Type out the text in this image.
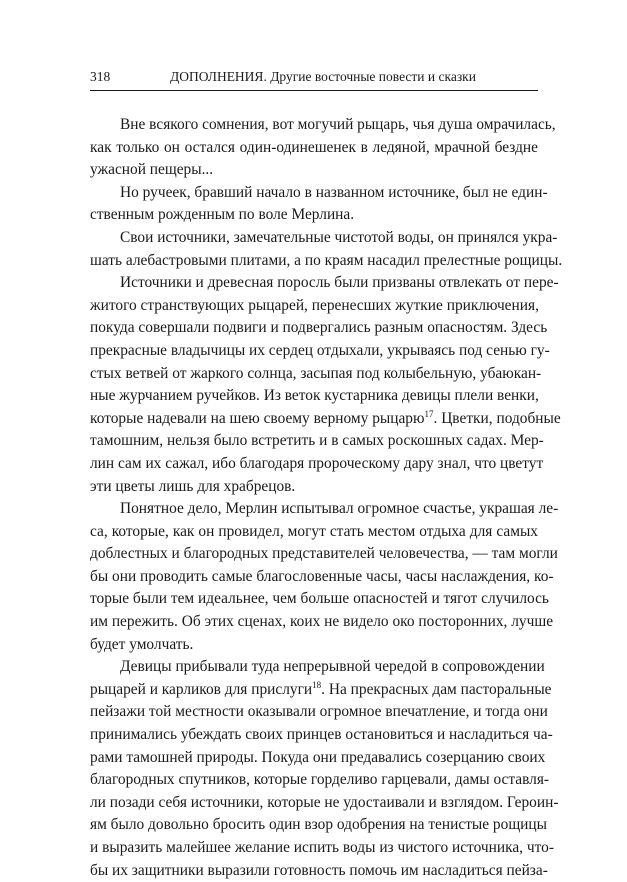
318	ДОПОЛНЕНИЯ. Другие восточные повести и сказки

Вне всякого сомнения, вот могучий рыцарь, чья душа омрачилась,
как только он остался один-одинешенек в ледяной, мрачной бездне
ужасной пещеры...

Но ручеек, бравший начало в названном источнике, был не един-
ственным рожденным по воле Мерлина.

Свои источники, замечательные чистотой воды, он принялся укра-
шать алебастровыми плитами, а по краям насадил прелестные рощицы.

Источники и древесная поросль были призваны отвлекать от пере-
житого странствующих рыцарей, перенесших жуткие приключения,
покуда совершали подвиги и подвергались разным опасностям. Здесь
прекрасные владычицы их сердец отдыхали, укрываясь под сенью гу-
стых ветвей от жаркого солнца, засыпая под колыбельную, убаюкан-
ные журчанием ручейков. Из веток кустарника девицы плели венки,
которые надевали на шею своему верному рыцарю$^{17}$. Цветки, подобные
тамошним, нельзя было встретить и в самых роскошных садах. Мер-
лин сам их сажал, ибо благодаря пророческому дару знал, что цветут
эти цветы лишь для храбрецов.

Понятное дело, Мерлин испытывал огромное счастье, украшая ле-
са, которые, как он провидел, могут стать местом отдыха для самых
доблестных и благородных представителей человечества, — там могли
бы они проводить самые благословенные часы, часы наслаждения, ко-
торые были тем идеальнее, чем больше опасностей и тягот случилось
им пережить. Об этих сценах, коих не видело око посторонних, лучше
будет умолчать.

Девицы прибывали туда непрерывной чередой в сопровождении
рыцарей и карликов для прислуги$^{18}$. На прекрасных дам пасторальные
пейзажи той местности оказывали огромное впечатление, и тогда они
принимались убеждать своих принцев остановиться и насладиться ча-
рами тамошней природы. Покуда они предавались созерцанию своих
благородных спутников, которые горделиво гарцевали, дамы оставля-
ли позади себя источники, которые не удостаивали и взглядом. Героин-
ям было довольно бросить один взор одобрения на тенистые рощицы
и выразить малейшее желание испить воды из чистого источника, что-
бы их защитники выразили готовность помочь им насладиться пейза-
